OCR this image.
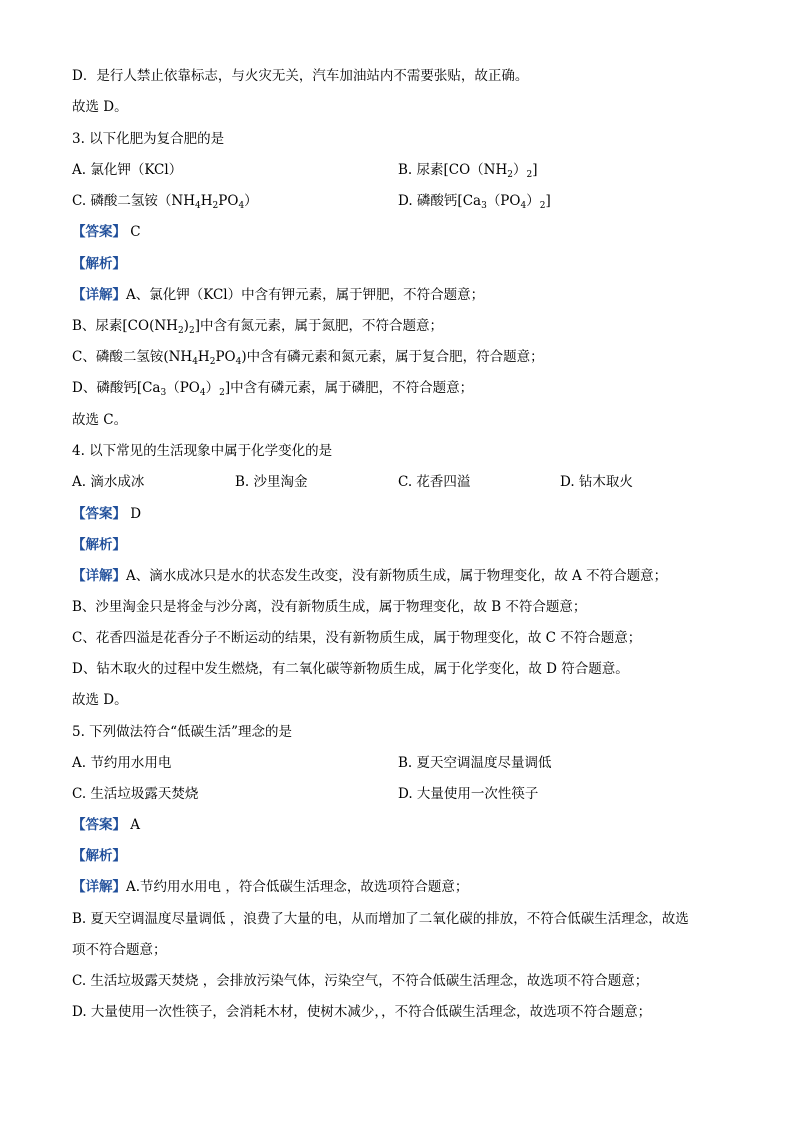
D．是行人禁止依靠标志，与火灾无关，汽车加油站内不需要张贴，故正确。
故选 D。
3. 以下化肥为复合肥的是
A. 氯化钾（KCl）	B. 尿素$[CO(NH_2)_2]$
C. 磷酸二氢铵$(NH_4H_2PO_4)$	D. 磷酸钙$[Ca_3(PO_4)_2]$
【答案】 C
【解析】
【详解】A、氯化钾（KCl）中含有钾元素，属于钾肥，不符合题意；
B、尿素$[CO(NH_2)_2]$中含有氮元素，属于氮肥，不符合题意；
C、磷酸二氢铵$(NH_4H_2PO_4)$中含有磷元素和氮元素，属于复合肥，符合题意；
D、磷酸钙$[Ca_3(PO_4)_2]$中含有磷元素，属于磷肥，不符合题意；
故选 C。
4. 以下常见的生活现象中属于化学变化的是
A. 滴水成冰	B. 沙里淘金	C. 花香四溢	D. 钻木取火
【答案】 D
【解析】
【详解】A、滴水成冰只是水的状态发生改变，没有新物质生成，属于物理变化，故 A 不符合题意；
B、沙里淘金只是将金与沙分离，没有新物质生成，属于物理变化，故 B 不符合题意；
C、花香四溢是花香分子不断运动的结果，没有新物质生成，属于物理变化，故 C 不符合题意；
D、钻木取火的过程中发生燃烧，有二氧化碳等新物质生成，属于化学变化，故 D 符合题意。
故选 D。
5. 下列做法符合“低碳生活”理念的是
A. 节约用水用电	B. 夏天空调温度尽量调低
C. 生活垃圾露天焚烧	D. 大量使用一次性筷子
【答案】 A
【解析】
【详解】A.节约用水用电 ，符合低碳生活理念，故选项符合题意；
B. 夏天空调温度尽量调低 ，浪费了大量的电，从而增加了二氧化碳的排放，不符合低碳生活理念，故选
项不符合题意；
C. 生活垃圾露天焚烧 ，会排放污染气体，污染空气，不符合低碳生活理念，故选项不符合题意；
D. 大量使用一次性筷子，会消耗木材，使树木减少，，不符合低碳生活理念，故选项不符合题意；
